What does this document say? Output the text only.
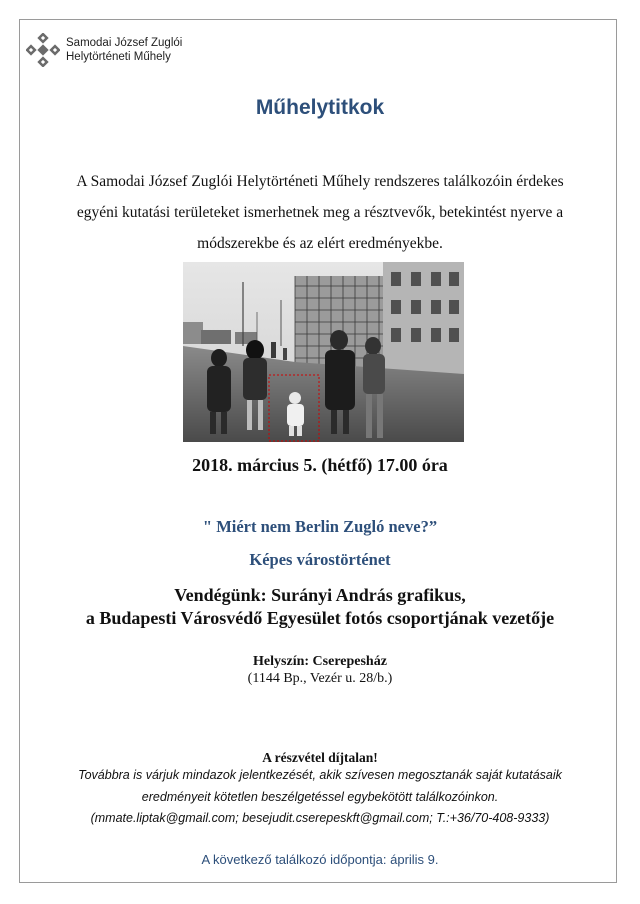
Samodai József Zuglói
Helytörténeti Műhely
Műhelytitkok
A Samodai József Zuglói Helytörténeti Műhely rendszeres találkozóin érdekes
egyéni kutatási területeket ismerhetnek meg a résztvevők, betekintést nyerve a
módszerekbe és az elért eredményekbe.
2018. március 5. (hétfő) 17.00 óra
" Miért nem Berlin Zugló neve?”
Képes várostörténet
Vendégünk: Surányi András grafikus,
a Budapesti Városvédő Egyesület fotós csoportjának vezetője
Helyszín: Cserepesház
(1144 Bp., Vezér u. 28/b.)
A részvétel díjtalan!
Továbbra is várjuk mindazok jelentkezését, akik szívesen megosztanák saját kutatásaik
eredményeit kötetlen beszélgetéssel egybekötött találkozóinkon.
(mmate.liptak@gmail.com; besejudit.cserepeskft@gmail.com; T.:+36/70-408-9333)
A következő találkozó időpontja: április 9.
